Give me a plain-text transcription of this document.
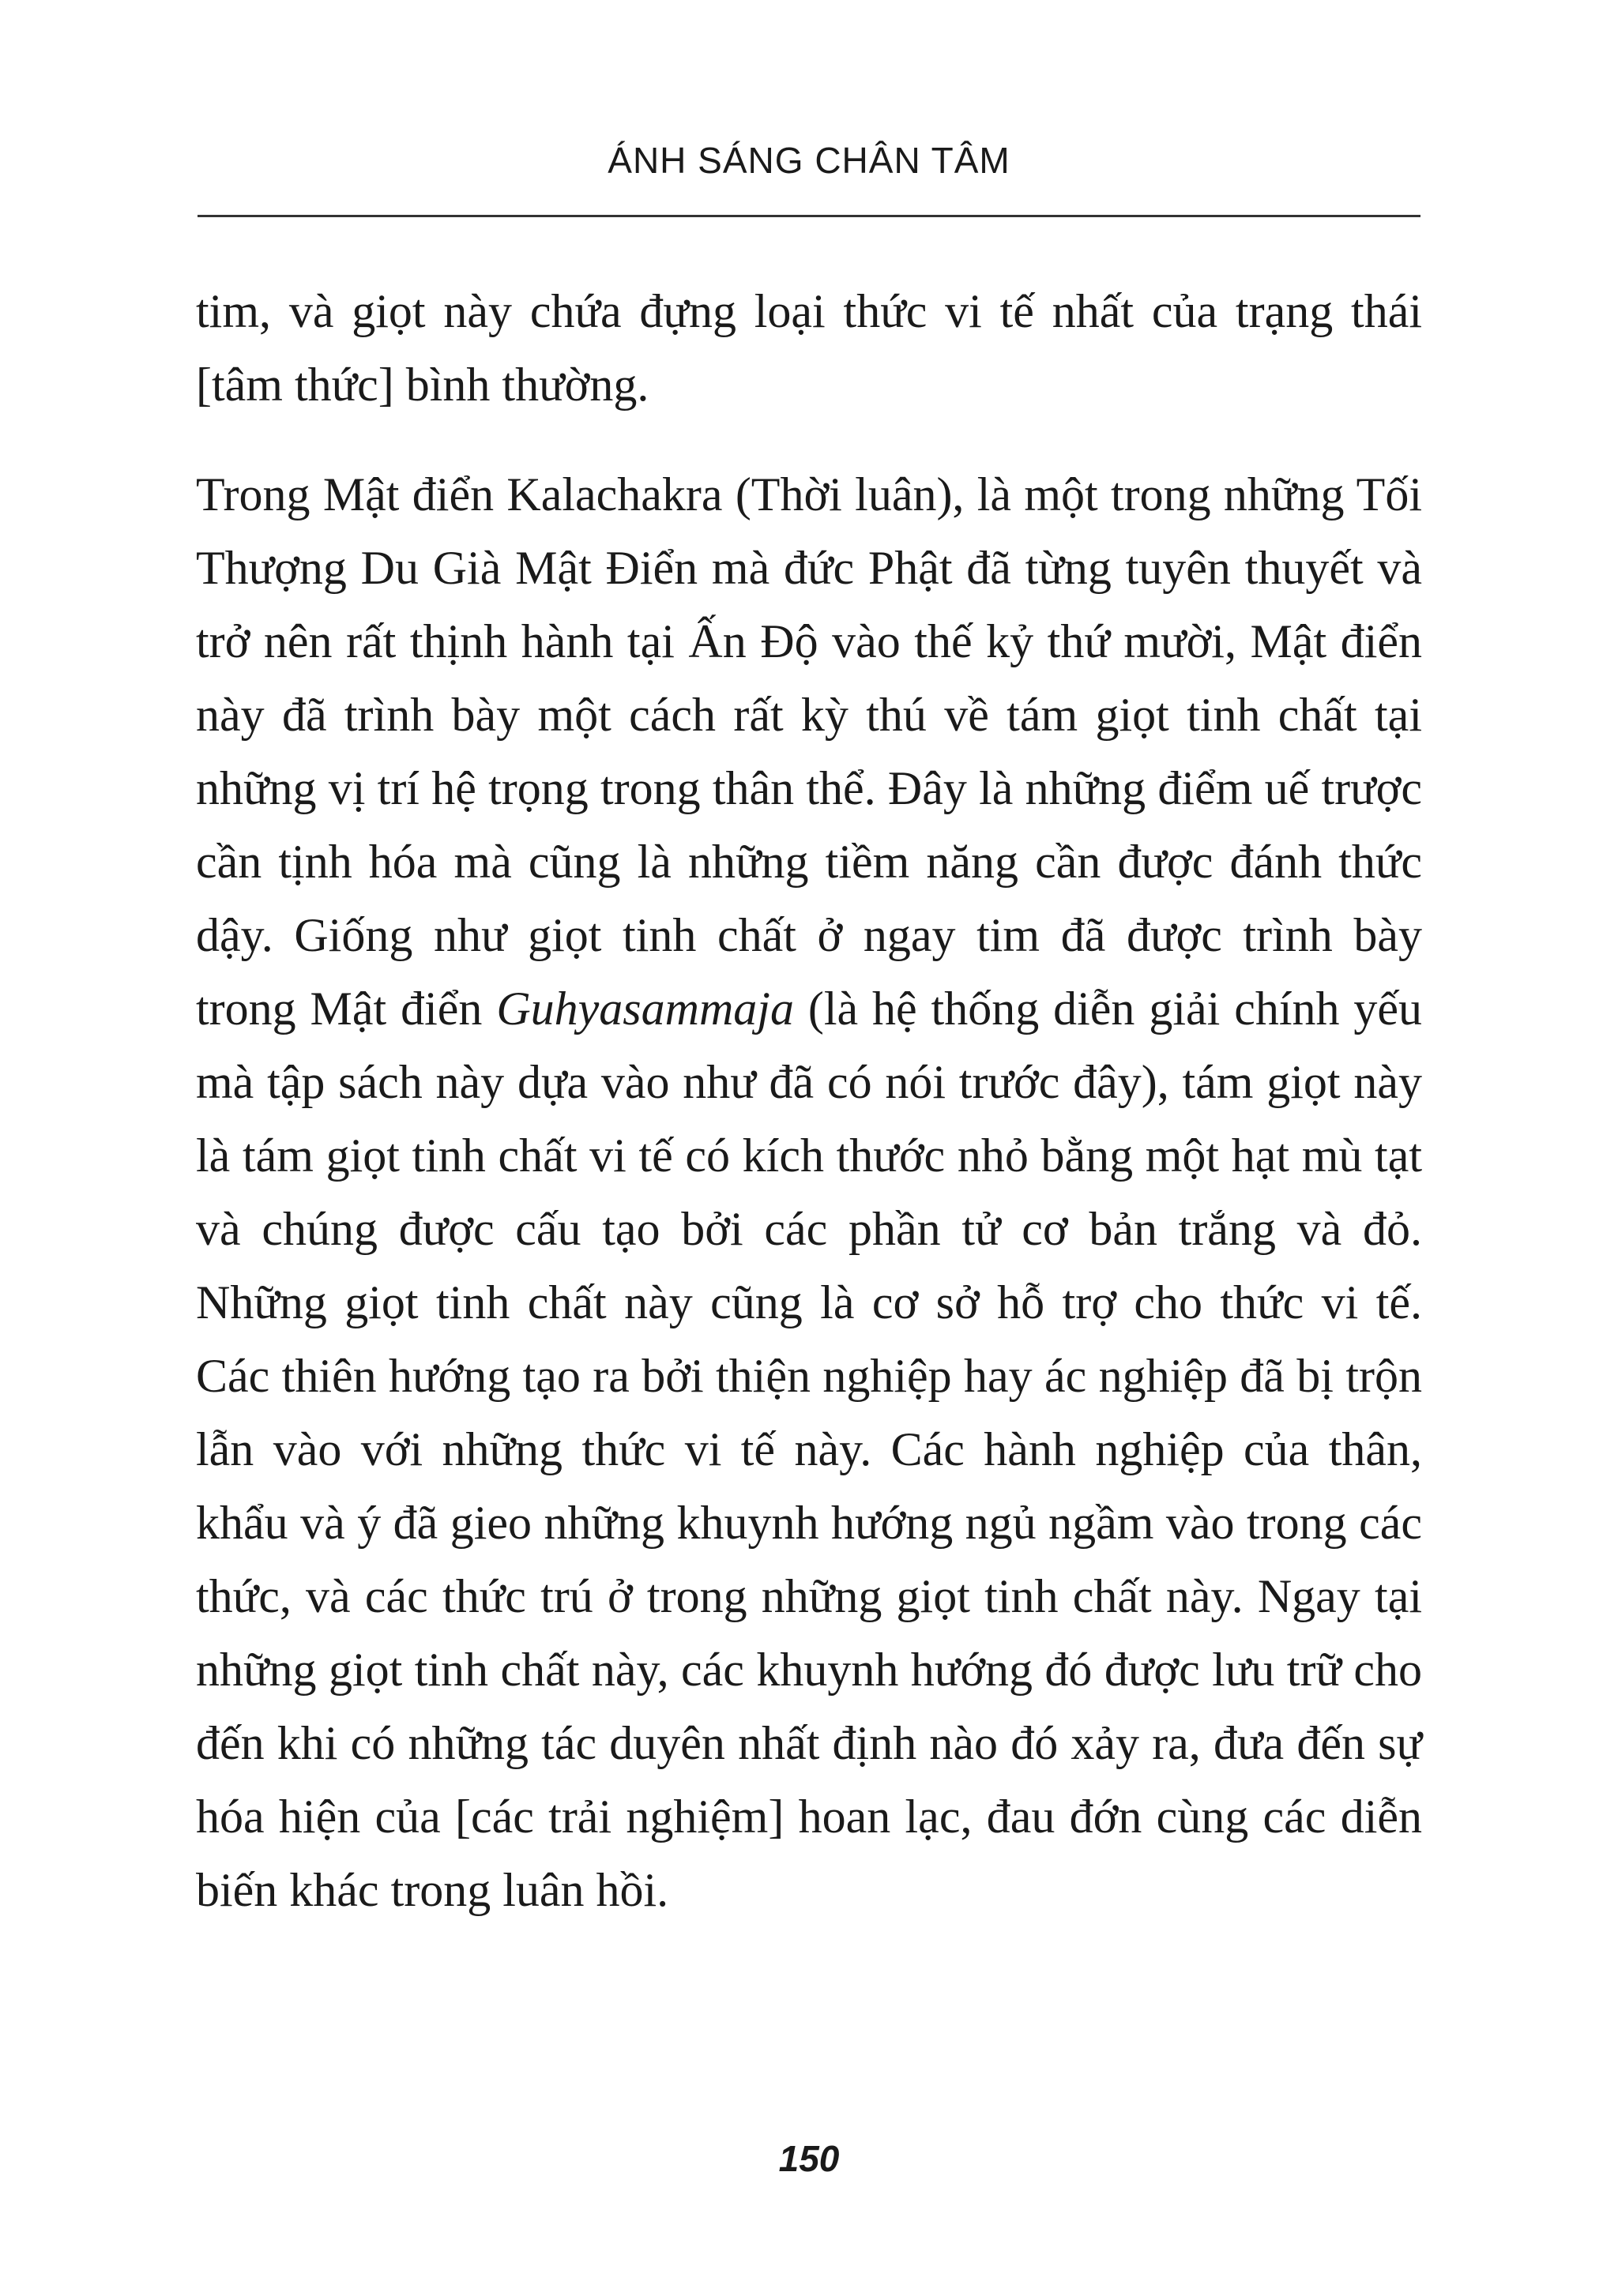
ÁNH SÁNG CHÂN TÂM

tim, và giọt này chứa đựng loại thức vi tế nhất của trạng thái [tâm thức] bình thường.

Trong Mật điển Kalachakra (Thời luân), là một trong những Tối Thượng Du Già Mật Điển mà đức Phật đã từng tuyên thuyết và trở nên rất thịnh hành tại Ấn Độ vào thế kỷ thứ mười, Mật điển này đã trình bày một cách rất kỳ thú về tám giọt tinh chất tại những vị trí hệ trọng trong thân thể. Đây là những điểm uế trược cần tịnh hóa mà cũng là những tiềm năng cần được đánh thức dậy. Giống như giọt tinh chất ở ngay tim đã được trình bày trong Mật điển Guhyasammaja (là hệ thống diễn giải chính yếu mà tập sách này dựa vào như đã có nói trước đây), tám giọt này là tám giọt tinh chất vi tế có kích thước nhỏ bằng một hạt mù tạt và chúng được cấu tạo bởi các phần tử cơ bản trắng và đỏ. Những giọt tinh chất này cũng là cơ sở hỗ trợ cho thức vi tế. Các thiên hướng tạo ra bởi thiện nghiệp hay ác nghiệp đã bị trộn lẫn vào với những thức vi tế này. Các hành nghiệp của thân, khẩu và ý đã gieo những khuynh hướng ngủ ngầm vào trong các thức, và các thức trú ở trong những giọt tinh chất này. Ngay tại những giọt tinh chất này, các khuynh hướng đó được lưu trữ cho đến khi có những tác duyên nhất định nào đó xảy ra, đưa đến sự hóa hiện của [các trải nghiệm] hoan lạc, đau đớn cùng các diễn biến khác trong luân hồi.

150
